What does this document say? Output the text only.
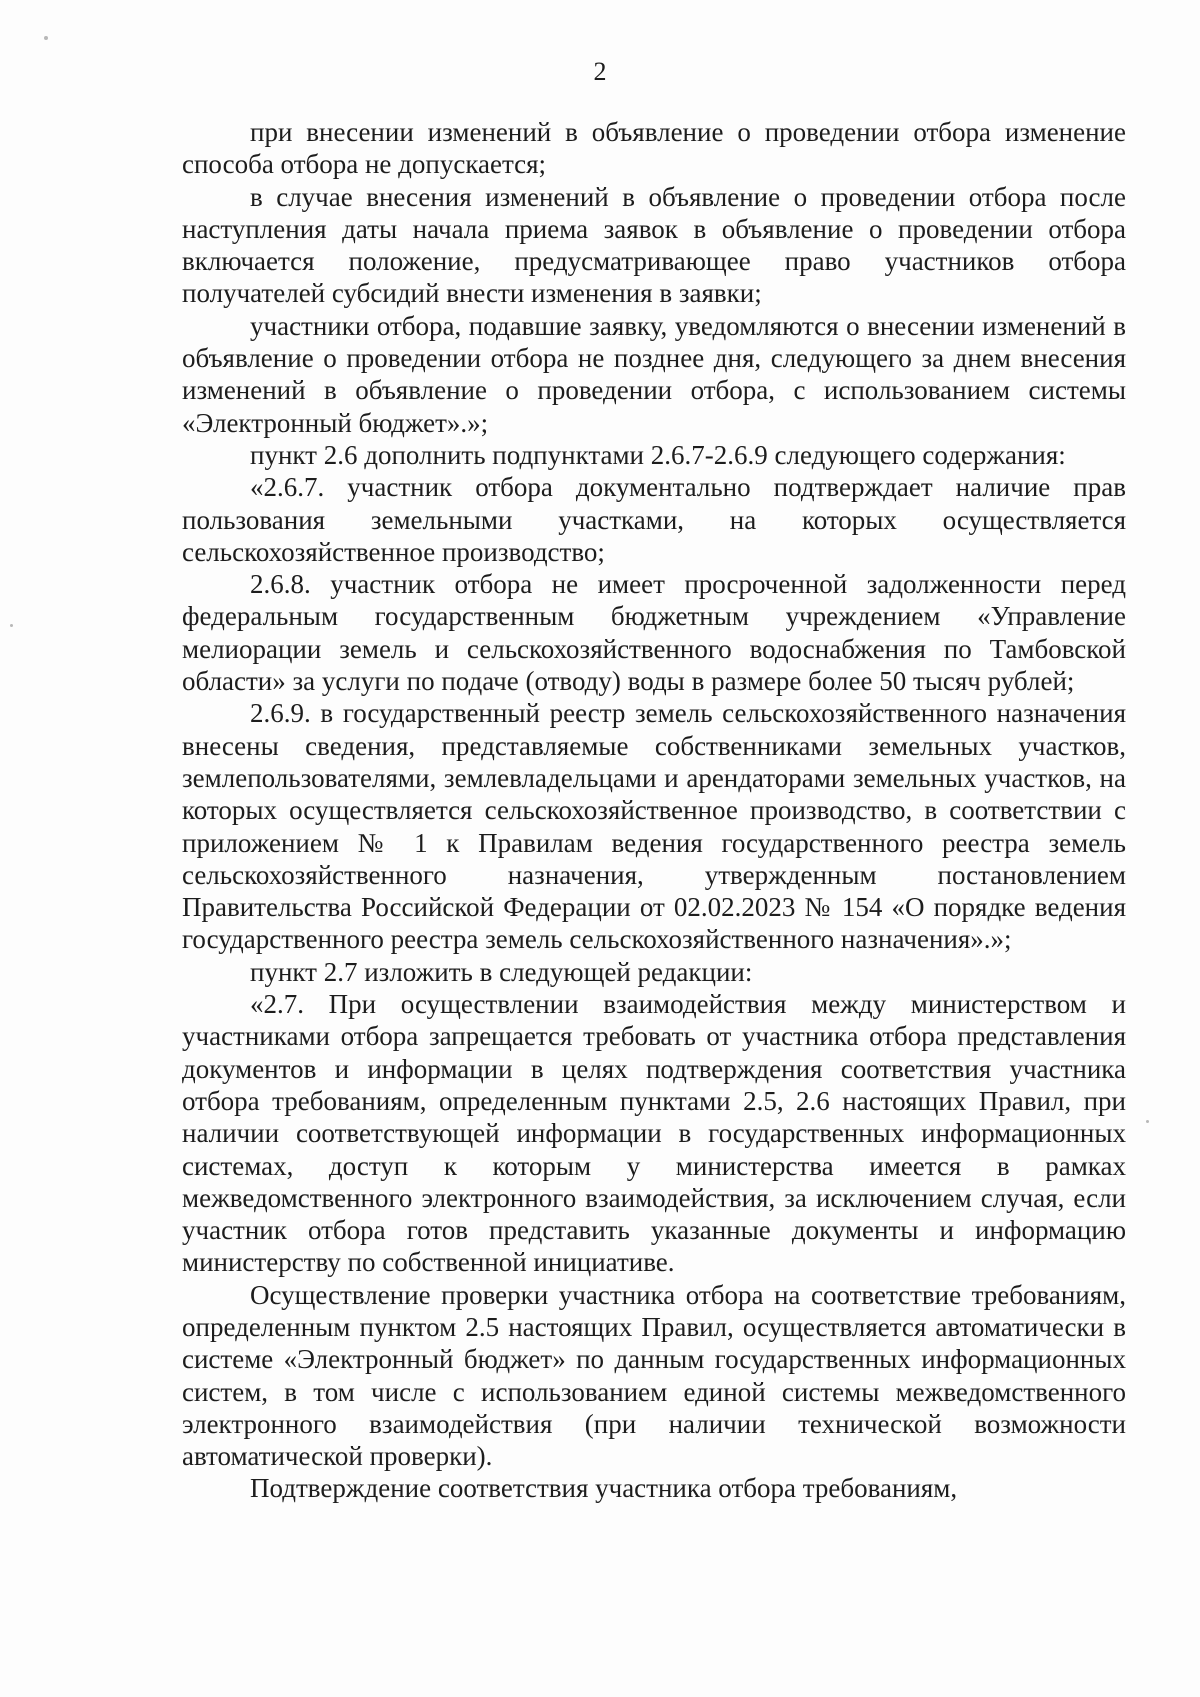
2

при внесении изменений в объявление о проведении отбора изменение способа отбора не допускается;

в случае внесения изменений в объявление о проведении отбора после наступления даты начала приема заявок в объявление о проведении отбора включается положение, предусматривающее право участников отбора получателей субсидий внести изменения в заявки;

участники отбора, подавшие заявку, уведомляются о внесении изменений в объявление о проведении отбора не позднее дня, следующего за днем внесения изменений в объявление о проведении отбора, с использованием системы «Электронный бюджет».»;

пункт 2.6 дополнить подпунктами 2.6.7-2.6.9 следующего содержания:

«2.6.7. участник отбора документально подтверждает наличие прав пользования земельными участками, на которых осуществляется сельскохозяйственное производство;

2.6.8. участник отбора не имеет просроченной задолженности перед федеральным государственным бюджетным учреждением «Управление мелиорации земель и сельскохозяйственного водоснабжения по Тамбовской области» за услуги по подаче (отводу) воды в размере более 50 тысяч рублей;

2.6.9. в государственный реестр земель сельскохозяйственного назначения внесены сведения, представляемые собственниками земельных участков, землепользователями, землевладельцами и арендаторами земельных участков, на которых осуществляется сельскохозяйственное производство, в соответствии с приложением № 1 к Правилам ведения государственного реестра земель сельскохозяйственного назначения, утвержденным постановлением Правительства Российской Федерации от 02.02.2023 № 154 «О порядке ведения государственного реестра земель сельскохозяйственного назначения».»;

пункт 2.7 изложить в следующей редакции:

«2.7. При осуществлении взаимодействия между министерством и участниками отбора запрещается требовать от участника отбора представления документов и информации в целях подтверждения соответствия участника отбора требованиям, определенным пунктами 2.5, 2.6 настоящих Правил, при наличии соответствующей информации в государственных информационных системах, доступ к которым у министерства имеется в рамках межведомственного электронного взаимодействия, за исключением случая, если участник отбора готов представить указанные документы и информацию министерству по собственной инициативе.

Осуществление проверки участника отбора на соответствие требованиям, определенным пунктом 2.5 настоящих Правил, осуществляется автоматически в системе «Электронный бюджет» по данным государственных информационных систем, в том числе с использованием единой системы межведомственного электронного взаимодействия (при наличии технической возможности автоматической проверки).

Подтверждение соответствия участника отбора требованиям,
